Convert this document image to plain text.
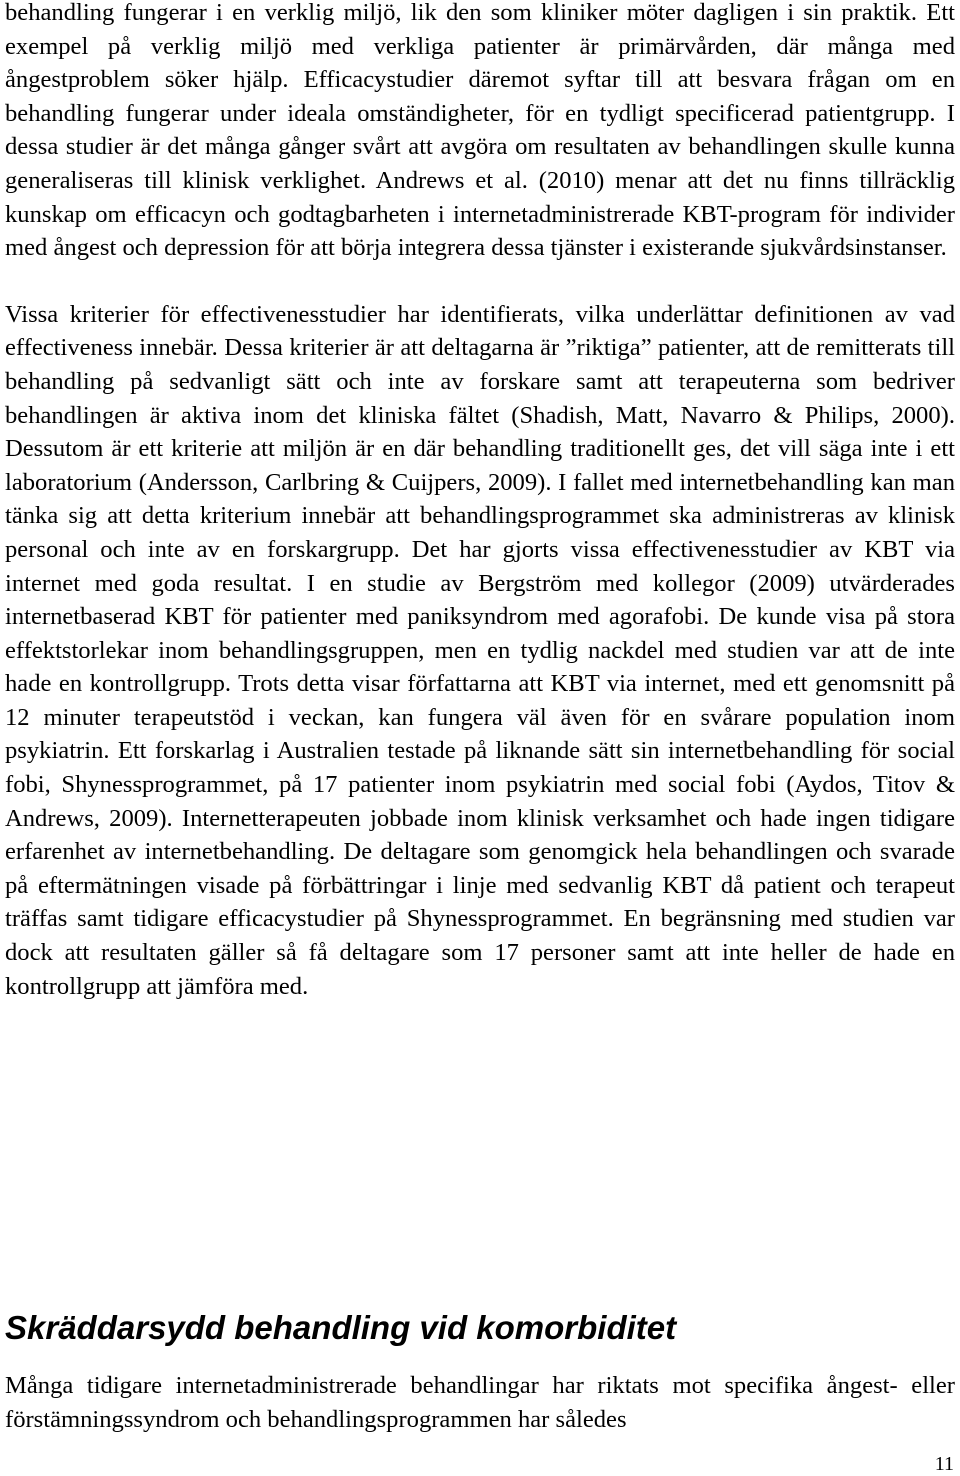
behandling fungerar i en verklig miljö, lik den som kliniker möter dagligen i sin praktik. Ett exempel på verklig miljö med verkliga patienter är primärvården, där många med ångestproblem söker hjälp. Efficacystudier däremot syftar till att besvara frågan om en behandling fungerar under ideala omständigheter, för en tydligt specificerad patientgrupp. I dessa studier är det många gånger svårt att avgöra om resultaten av behandlingen skulle kunna generaliseras till klinisk verklighet. Andrews et al. (2010) menar att det nu finns tillräcklig kunskap om efficacyn och godtagbarheten i internetadministrerade KBT-program för individer med ångest och depression för att börja integrera dessa tjänster i existerande sjukvårdsinstanser.

Vissa kriterier för effectivenesstudier har identifierats, vilka underlättar definitionen av vad effectiveness innebär. Dessa kriterier är att deltagarna är ”riktiga” patienter, att de remitterats till behandling på sedvanligt sätt och inte av forskare samt att terapeuterna som bedriver behandlingen är aktiva inom det kliniska fältet (Shadish, Matt, Navarro & Philips, 2000). Dessutom är ett kriterie att miljön är en där behandling traditionellt ges, det vill säga inte i ett laboratorium (Andersson, Carlbring & Cuijpers, 2009). I fallet med internetbehandling kan man tänka sig att detta kriterium innebär att behandlingsprogrammet ska administreras av klinisk personal och inte av en forskargrupp. Det har gjorts vissa effectivenesstudier av KBT via internet med goda resultat. I en studie av Bergström med kollegor (2009) utvärderades internetbaserad KBT för patienter med paniksyndrom med agorafobi. De kunde visa på stora effektstorlekar inom behandlingsgruppen, men en tydlig nackdel med studien var att de inte hade en kontrollgrupp. Trots detta visar författarna att KBT via internet, med ett genomsnitt på 12 minuter terapeutstöd i veckan, kan fungera väl även för en svårare population inom psykiatrin. Ett forskarlag i Australien testade på liknande sätt sin internetbehandling för social fobi, Shynessprogrammet, på 17 patienter inom psykiatrin med social fobi (Aydos, Titov & Andrews, 2009). Internetterapeuten jobbade inom klinisk verksamhet och hade ingen tidigare erfarenhet av internetbehandling. De deltagare som genomgick hela behandlingen och svarade på eftermätningen visade på förbättringar i linje med sedvanlig KBT då patient och terapeut träffas samt tidigare efficacystudier på Shynessprogrammet. En begränsning med studien var dock att resultaten gäller så få deltagare som 17 personer samt att inte heller de hade en kontrollgrupp att jämföra med.

Skräddarsydd behandling vid komorbiditet

Många tidigare internetadministrerade behandlingar har riktats mot specifika ångest- eller förstämningssyndrom och behandlingsprogrammen har således

11
